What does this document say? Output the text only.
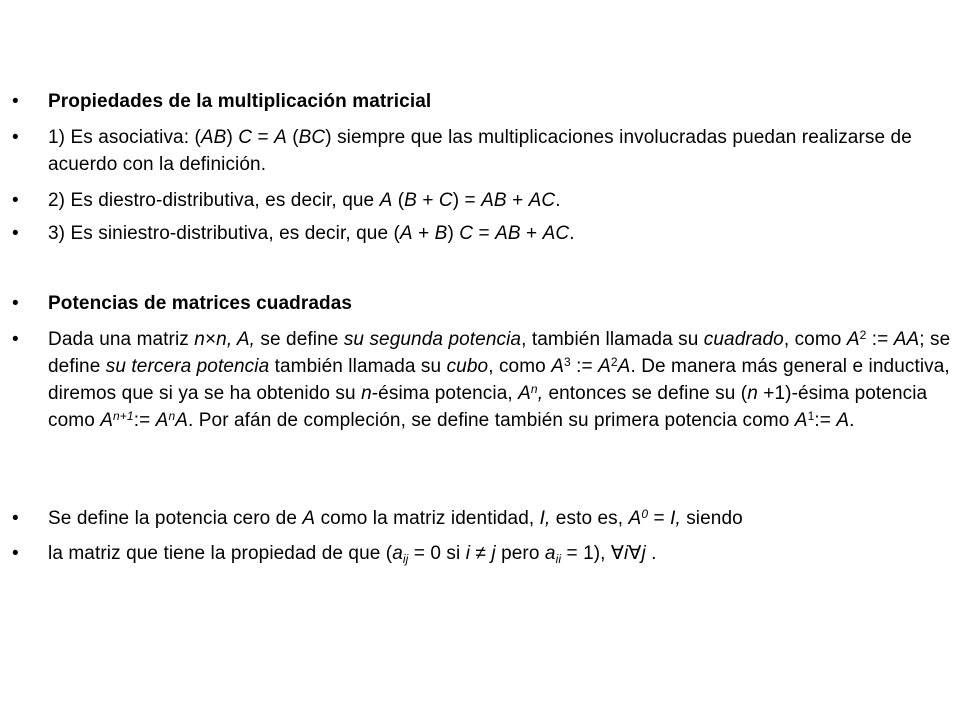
• Propiedades de la multiplicación matricial
• 1) Es asociativa: (AB) C = A (BC) siempre que las multiplicaciones involucradas puedan realizarse de acuerdo con la definición.
• 2) Es diestro-distributiva, es decir, que A (B + C) = AB + AC.
• 3) Es siniestro-distributiva, es decir, que (A + B) C = AB + AC.
• Potencias de matrices cuadradas
• Dada una matriz n×n, A, se define su segunda potencia, también llamada su cuadrado, como $A^2$ := AA; se define su tercera potencia también llamada su cubo, como $A^3$ := $A^2A$. De manera más general e inductiva, diremos que si ya se ha obtenido su n-ésima potencia, $A^n$, entonces se define su (n +1)-ésima potencia como $A^{n+1}:= A^nA$. Por afán de compleción, se define también su primera potencia como $A^1:= A$.
• Se define la potencia cero de A como la matriz identidad, I, esto es, $A^0 = I$, siendo
• la matriz que tiene la propiedad de que ($a_{ij} = 0$ si i ≠ j pero $a_{ii} = 1$), ∀i∀j .
